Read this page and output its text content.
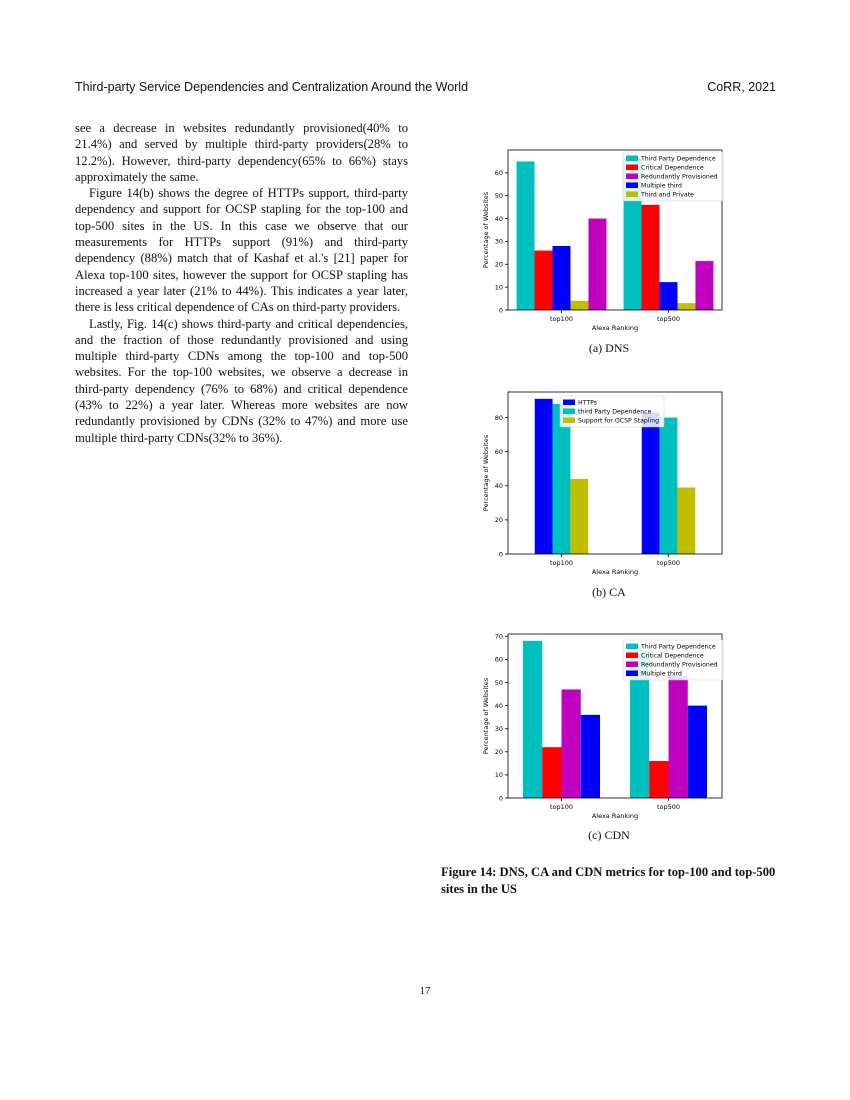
Third-party Service Dependencies and Centralization Around the World	CoRR, 2021

see a decrease in websites redundantly provisioned(40% to 21.4%) and served by multiple third-party providers(28% to 12.2%). However, third-party dependency(65% to 66%) stays approximately the same.

Figure 14(b) shows the degree of HTTPs support, third-party dependency and support for OCSP stapling for the top-100 and top-500 sites in the US. In this case we observe that our measurements for HTTPs support (91%) and third-party dependency (88%) match that of Kashaf et al.'s [21] paper for Alexa top-100 sites, however the support for OCSP stapling has increased a year later (21% to 44%). This indicates a year later, there is less critical dependence of CAs on third-party providers.

Lastly, Fig. 14(c) shows third-party and critical dependencies, and the fraction of those redundantly provisioned and using multiple third-party CDNs among the top-100 and top-500 websites. For the top-100 websites, we observe a decrease in third-party dependency (76% to 68%) and critical dependence (43% to 22%) a year later. Whereas more websites are now redundantly provisioned by CDNs (32% to 47%) and more use multiple third-party CDNs(32% to 36%).

top100	top500
0
10
20
30
40
50
60
Alexa Ranking
Percentage of Websites
Third Party Dependence
Critical Dependence
Redundantly Provisioned
Multiple third
Third and Private
(a) DNS
top100	top500
0
20
40
60
80
Alexa Ranking
Percentage of Websites
HTTPs
third Party Dependence
Support for OCSP Stapling
(b) CA
top100	top500
0
10
20
30
40
50
60
70
Alexa Ranking
Percentage of Websites
Third Party Dependence
Critical Dependence
Redundantly Provisioned
Multiple third
(c) CDN
Figure 14: DNS, CA and CDN metrics for top-100 and top-500 sites in the US
17
